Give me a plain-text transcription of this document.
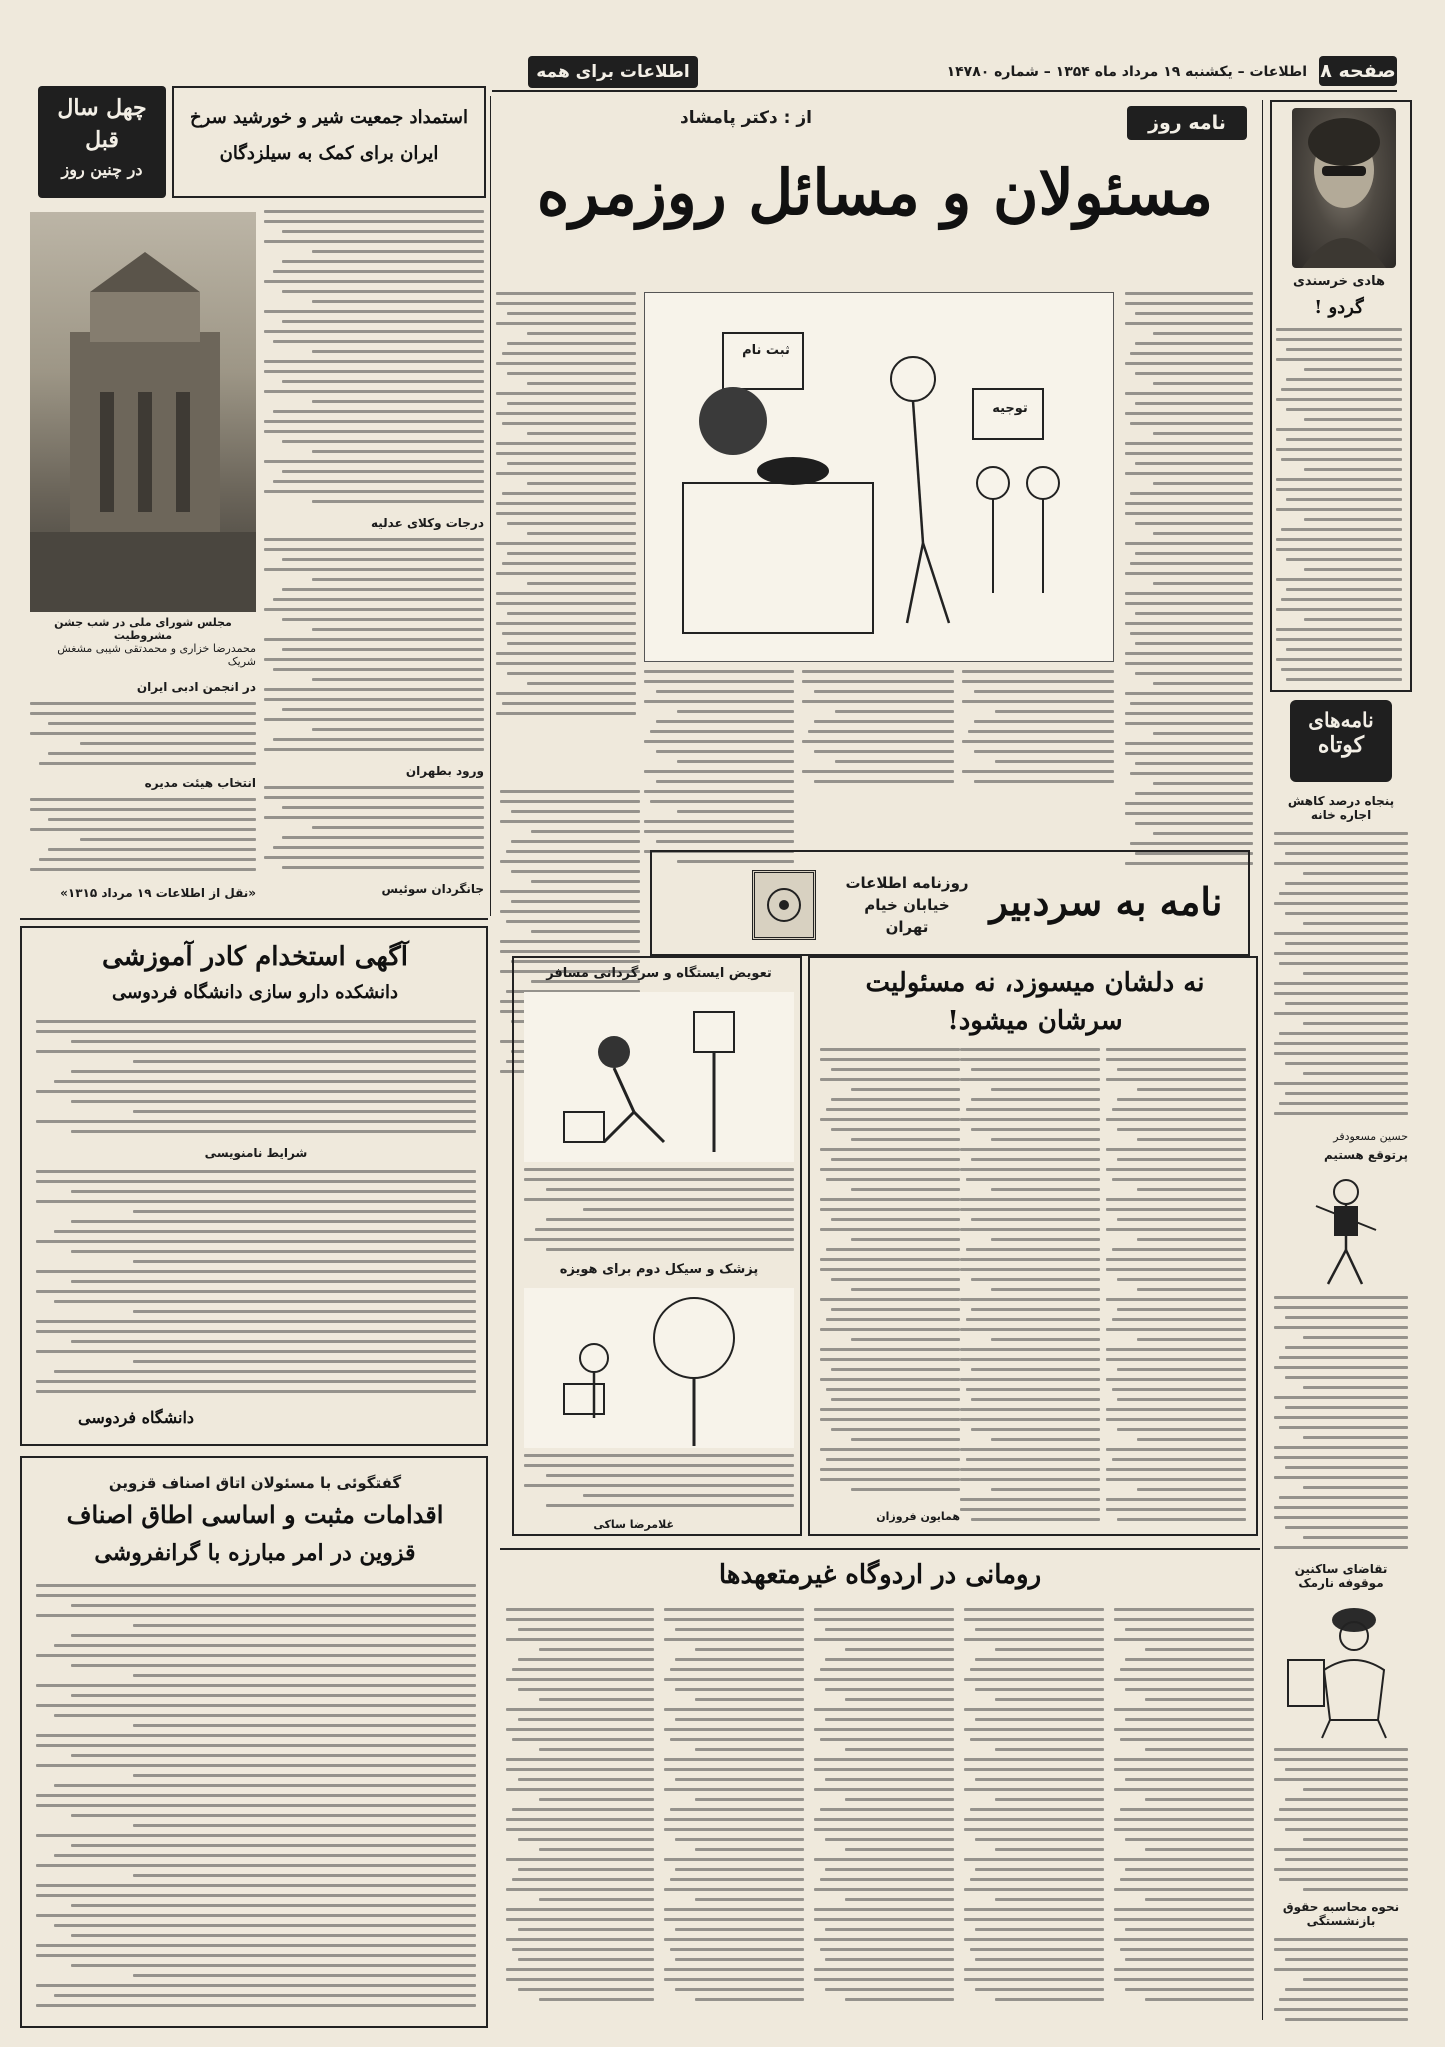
صفحه ۸
اطلاعات – یکشنبه ۱۹ مرداد ماه ۱۳۵۴ – شماره ۱۴۷۸۰
اطلاعات برای همه
هادی خرسندی
گردو !
نامه‌های
کوتاه
پنجاه درصد کاهش اجاره خانه
حسین مسعودفر
پرتوقع هستیم
تقاضای ساکنین موقوفه نارمک
نحوه محاسبه حقوق بازنشستگی
نامه روز
از : دکتر پامشاد
مسئولان و مسائل روزمره
ثبت نام
توجیه
نامه به سردبیر
روزنامه اطلاعات
خیابان خیام
تهران
چهل سال
قبل
در چنین روز
استمداد جمعیت شیر و خورشید سرخ ایران برای کمک به سیلزدگان
مجلس شورای ملی در شب جشن مشروطیت
درجات وکلای عدلیه
ورود بطهران
جانگردان سوئیس
محمدرضا خزاری و محمدتقی شیبی مشغش شریک
در انجمن ادبی ایران
انتخاب هیئت مدیره
«نقل از اطلاعات ۱۹ مرداد ۱۳۱۵»
آگهی استخدام کادر آموزشی
دانشکده دارو سازی دانشگاه فردوسی
شرایط نامنویسی
دانشگاه فردوسی
تعویض ایستگاه و سرگردانی مسافر
پزشک و سیکل دوم برای هویزه
غلامرضا ساکی
نه دلشان میسوزد، نه مسئولیت
سرشان میشود!
همایون فروزان
گفتگوئی با مسئولان اتاق اصناف قزوین
اقدامات مثبت و اساسی اطاق اصناف
قزوین در امر مبارزه با گرانفروشی
رومانی در اردوگاه غیرمتعهدها
